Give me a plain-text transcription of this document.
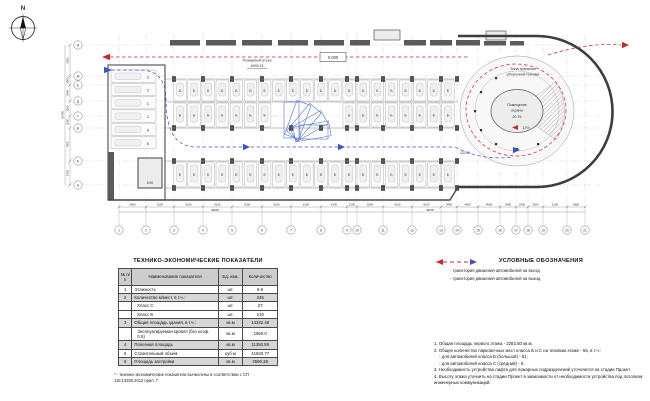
6000	6100	6100	6100	6100	6100	6100	6100	2100	5500	6100	6100	3400	4400	4600	3400	2500	3200	5100	3800
48300	48200
6600
1900
3400
3200
2600
7000
5100
35400
1	2	3	4	5	6	7	8	9 10	11	12	13	14	15	16	17	18	19	20	21
И
Ж
Е
Д
Г
В
Б
А
Б	Б	Б	Б	Б	Б	Б	Б	Б	Б	Б	Б	Б	Б	Б	Б	Б	Б	Б	Б
Б	Б	Б	Б	Б	Б	Б	Б	Б	Б	Б	Б	Б	Б	Б
Б	Б	Б	Б	Б	Б	Б	Б	Б	Б	Б	Б	Б	Б	Б	Б	Б	Б	Б	Б
С
С
С
С
Б
Б
N
5.00
Зона хранения
уборочной техники
Помещение
охраны
20.76
12%
222.21
0.000
Пожарный отсек
1890.11
ТЕХНИКО-ЭКОНОМИЧЕСКИЕ ПОКАЗАТЕЛИ
№ п/п	Наименование показателя	Ед. изм.	Количество
1	Этажность	шт.	5-6
2	Количество м/мест, в т.ч.:	шт.	245
	Класс С	шт.	27
	Класс Б	шт.	218
3	Общая площадь здания, в т.ч.:	кв.м	14332.48
	Эксплуатируемая кровля (без коэф. 0.5)	кв.м	1950.0
4	Полезная площадь	кв.м	11350.59
5	Строительный объем	куб.м	41920.77
6	Площадь застройки	кв.м	2596.38
* - технико-экономические показатели вычислены в соответствии с СП
118.13330.2012 прил. Г.
УСЛОВНЫЕ ОБОЗНАЧЕНИЯ
- траектория движения автомобилей на въезд
- траектория движения автомобилей на выезд
1. Общая площадь первого этажа - 2283.50 кв.м.
2. Общее количество парковочных мест класса Б и С на типовом этаже - 56, в т.ч.:
- для автомобилей класса Б (большой) - 51;
- для автомобилей класса С (средний) - 5.
3. Необходимость устройства лифта для пожарных подразделений уточняется на стадии Проект.
4. Высоту этажа уточнить на стадии Проект в зависимости от необходимости устройства под потолком инженерных коммуникаций.
